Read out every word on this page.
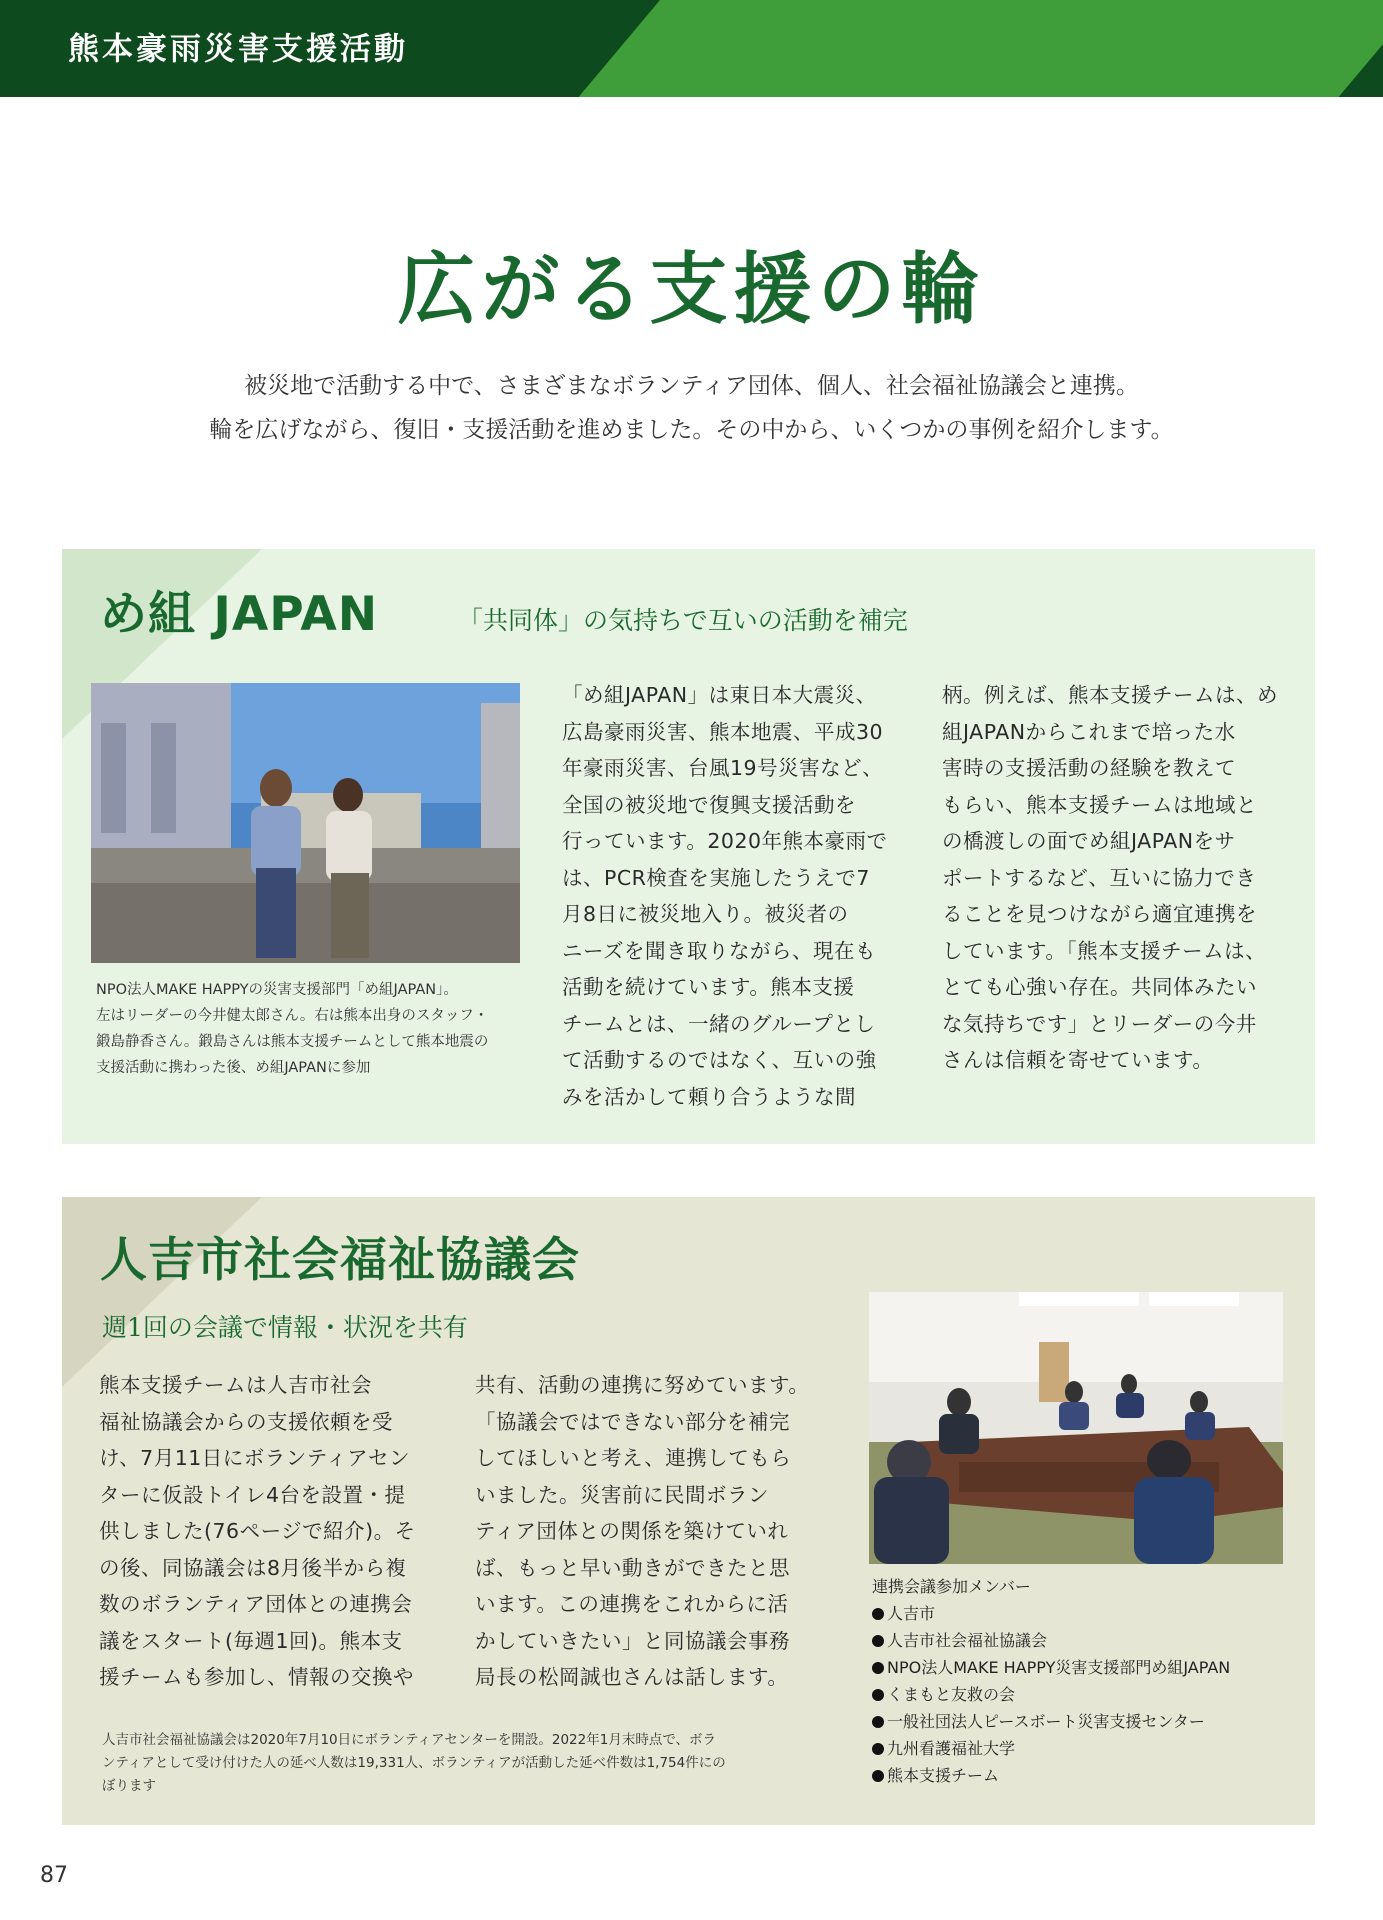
熊本豪雨災害支援活動
広がる支援の輪

被災地で活動する中で、さまざまなボランティア団体、個人、社会福祉協議会と連携。

輪を広げながら、復旧・支援活動を進めました。その中から、いくつかの事例を紹介します。

め組 JAPAN	「共同体」の気持ちで互いの活動を補完

NPO法人MAKE HAPPYの災害支援部門「め組JAPAN」。

左はリーダーの今井健太郎さん。右は熊本出身のスタッフ・

鍛島静香さん。鍛島さんは熊本支援チームとして熊本地震の

支援活動に携わった後、め組JAPANに参加

「め組JAPAN」は東日本大震災、
広島豪雨災害、熊本地震、平成30
年豪雨災害、台風19号災害など、
全国の被災地で復興支援活動を
行っています。2020年熊本豪雨で
は、PCR検査を実施したうえで7
月8日に被災地入り。被災者の
ニーズを聞き取りながら、現在も
活動を続けています。熊本支援
チームとは、一緒のグループとし
て活動するのではなく、互いの強
みを活かして頼り合うような間
柄。例えば、熊本支援チームは、め
組JAPANからこれまで培った水
害時の支援活動の経験を教えて
もらい、熊本支援チームは地域と
の橋渡しの面でめ組JAPANをサ
ポートするなど、互いに協力でき
ることを見つけながら適宜連携を
しています。「熊本支援チームは、
とても心強い存在。共同体みたい
な気持ちです」とリーダーの今井
さんは信頼を寄せています。
人吉市社会福祉協議会

週1回の会議で情報・状況を共有

熊本支援チームは人吉市社会
福祉協議会からの支援依頼を受
け、7月11日にボランティアセン
ターに仮設トイレ4台を設置・提
供しました(76ページで紹介)。そ
の後、同協議会は8月後半から複
数のボランティア団体との連携会
議をスタート(毎週1回)。熊本支
援チームも参加し、情報の交換や
共有、活動の連携に努めています。
「協議会ではできない部分を補完
してほしいと考え、連携してもら
いました。災害前に民間ボラン
ティア団体との関係を築けていれ
ば、もっと早い動きができたと思
います。この連携をこれからに活
かしていきたい」と同協議会事務
局長の松岡誠也さんは話します。

連携会議参加メンバー

人吉市
人吉市社会福祉協議会
NPO法人MAKE HAPPY災害支援部門め組JAPAN
くまもと友救の会
一般社団法人ピースボート災害支援センター
九州看護福祉大学
熊本支援チーム
人吉市社会福祉協議会は2020年7月10日にボランティアセンターを開設。2022年1月末時点で、ボラ
ンティアとして受け付けた人の延べ人数は19,331人、ボランティアが活動した延べ件数は1,754件にの
ぼります

87
